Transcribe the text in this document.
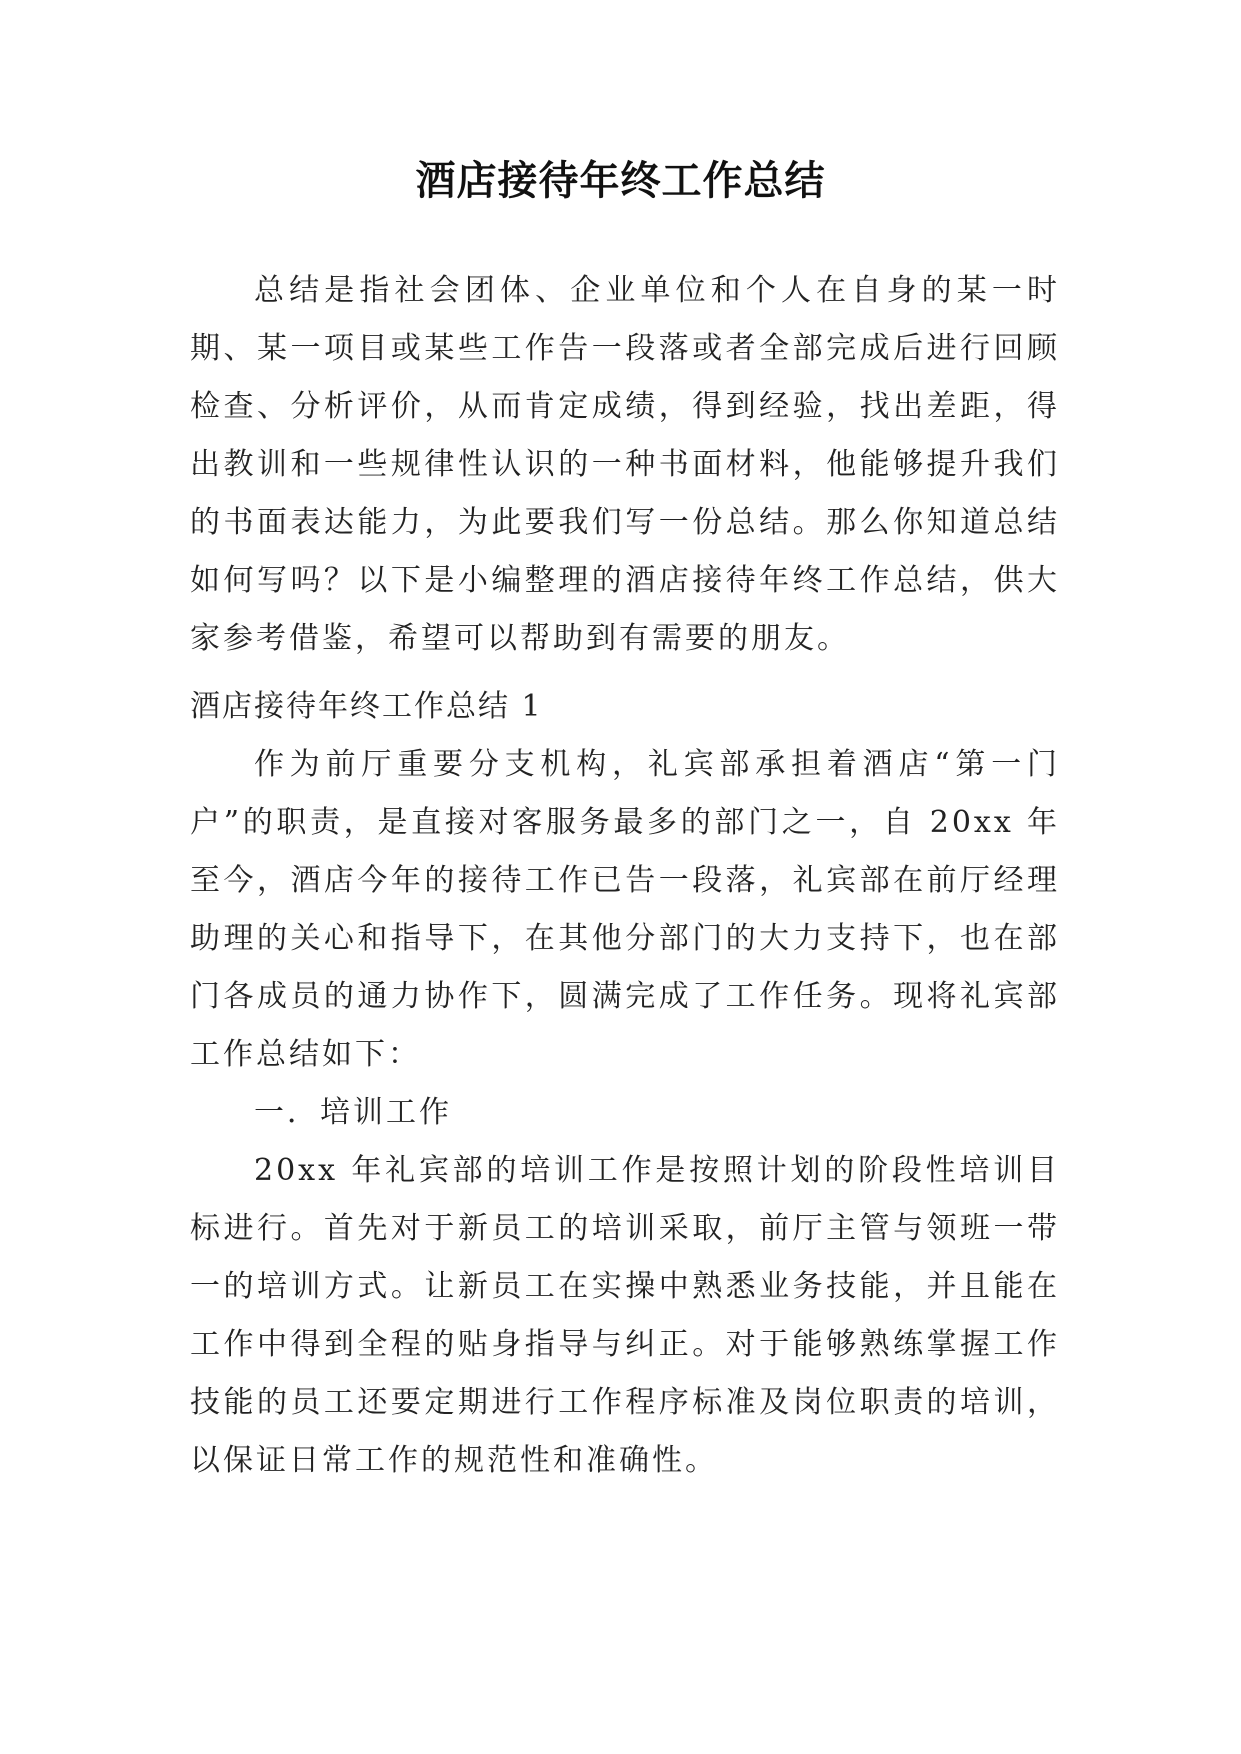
酒店接待年终工作总结

总结是指社会团体、企业单位和个人在自身的某一时期、某一项目或某些工作告一段落或者全部完成后进行回顾检查、分析评价，从而肯定成绩，得到经验，找出差距，得出教训和一些规律性认识的一种书面材料，他能够提升我们的书面表达能力，为此要我们写一份总结。那么你知道总结如何写吗？以下是小编整理的酒店接待年终工作总结，供大家参考借鉴，希望可以帮助到有需要的朋友。

酒店接待年终工作总结 1

作为前厅重要分支机构，礼宾部承担着酒店“第一门户”的职责，是直接对客服务最多的部门之一，自 20xx 年至今，酒店今年的接待工作已告一段落，礼宾部在前厅经理助理的关心和指导下，在其他分部门的大力支持下，也在部门各成员的通力协作下，圆满完成了工作任务。现将礼宾部工作总结如下：

一．培训工作

20xx 年礼宾部的培训工作是按照计划的阶段性培训目标进行。首先对于新员工的培训采取，前厅主管与领班一带一的培训方式。让新员工在实操中熟悉业务技能，并且能在工作中得到全程的贴身指导与纠正。对于能够熟练掌握工作技能的员工还要定期进行工作程序标准及岗位职责的培训，以保证日常工作的规范性和准确性。
